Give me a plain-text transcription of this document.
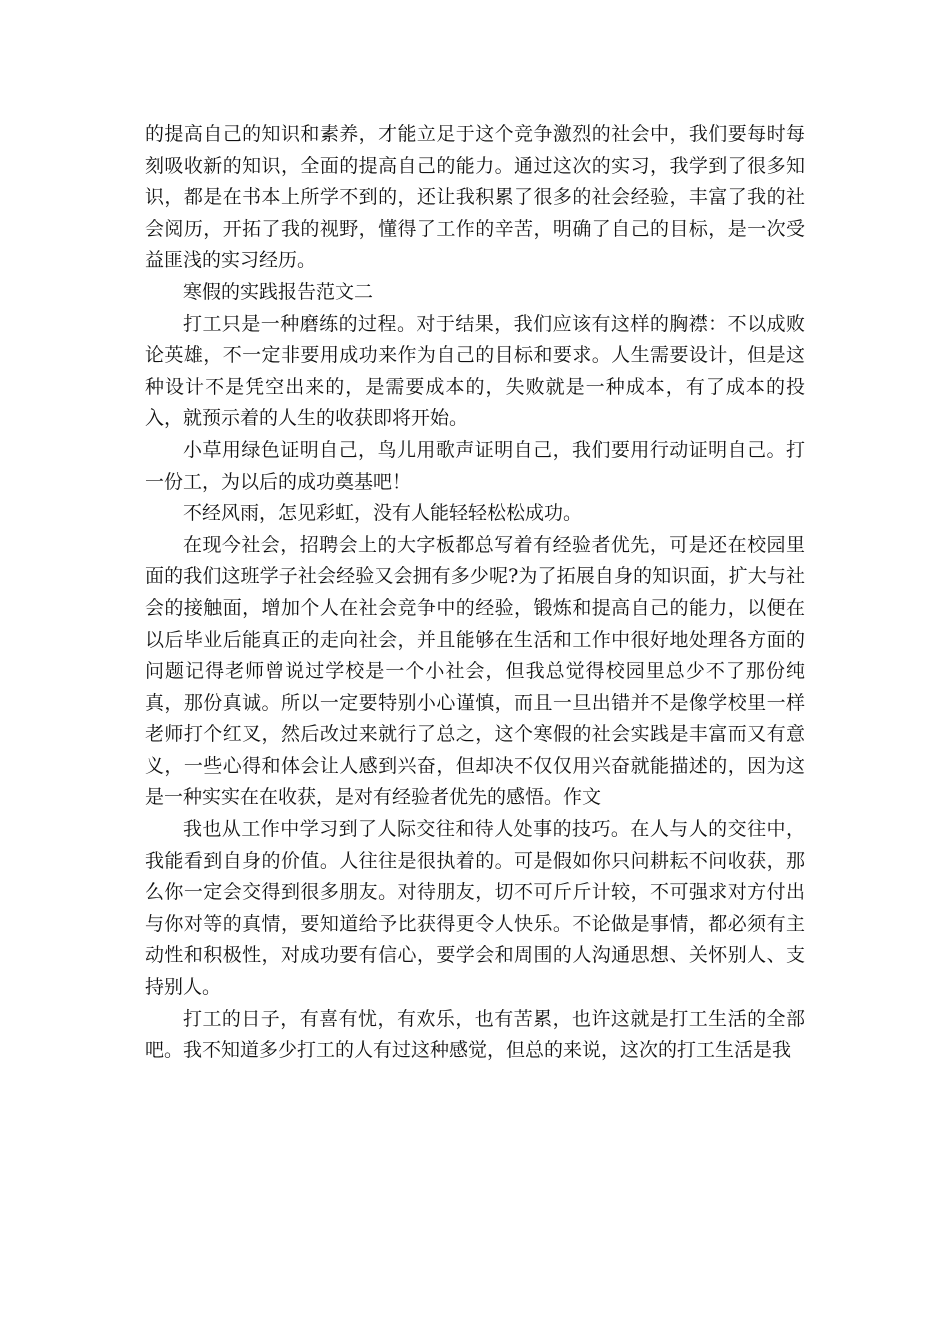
的提高自己的知识和素养，才能立足于这个竞争激烈的社会中，我们要每时每刻吸收新的知识，全面的提高自己的能力。通过这次的实习，我学到了很多知识，都是在书本上所学不到的，还让我积累了很多的社会经验，丰富了我的社会阅历，开拓了我的视野，懂得了工作的辛苦，明确了自己的目标，是一次受益匪浅的实习经历。

寒假的实践报告范文二

打工只是一种磨练的过程。对于结果，我们应该有这样的胸襟：不以成败论英雄，不一定非要用成功来作为自己的目标和要求。人生需要设计，但是这种设计不是凭空出来的，是需要成本的，失败就是一种成本，有了成本的投入，就预示着的人生的收获即将开始。

小草用绿色证明自己，鸟儿用歌声证明自己，我们要用行动证明自己。打一份工，为以后的成功奠基吧！

不经风雨，怎见彩虹，没有人能轻轻松松成功。

在现今社会，招聘会上的大字板都总写着有经验者优先，可是还在校园里面的我们这班学子社会经验又会拥有多少呢?为了拓展自身的知识面，扩大与社会的接触面，增加个人在社会竞争中的经验，锻炼和提高自己的能力，以便在以后毕业后能真正的走向社会，并且能够在生活和工作中很好地处理各方面的问题记得老师曾说过学校是一个小社会，但我总觉得校园里总少不了那份纯真，那份真诚。所以一定要特别小心谨慎，而且一旦出错并不是像学校里一样老师打个红叉，然后改过来就行了总之，这个寒假的社会实践是丰富而又有意义，一些心得和体会让人感到兴奋，但却决不仅仅用兴奋就能描述的，因为这是一种实实在在收获，是对有经验者优先的感悟。作文

我也从工作中学习到了人际交往和待人处事的技巧。在人与人的交往中，我能看到自身的价值。人往往是很执着的。可是假如你只问耕耘不问收获，那么你一定会交得到很多朋友。对待朋友，切不可斤斤计较，不可强求对方付出与你对等的真情，要知道给予比获得更令人快乐。不论做是事情，都必须有主动性和积极性，对成功要有信心，要学会和周围的人沟通思想、关怀别人、支持别人。

打工的日子，有喜有忧，有欢乐，也有苦累，也许这就是打工生活的全部吧。我不知道多少打工的人有过这种感觉，但总的来说，这次的打工生活是我
